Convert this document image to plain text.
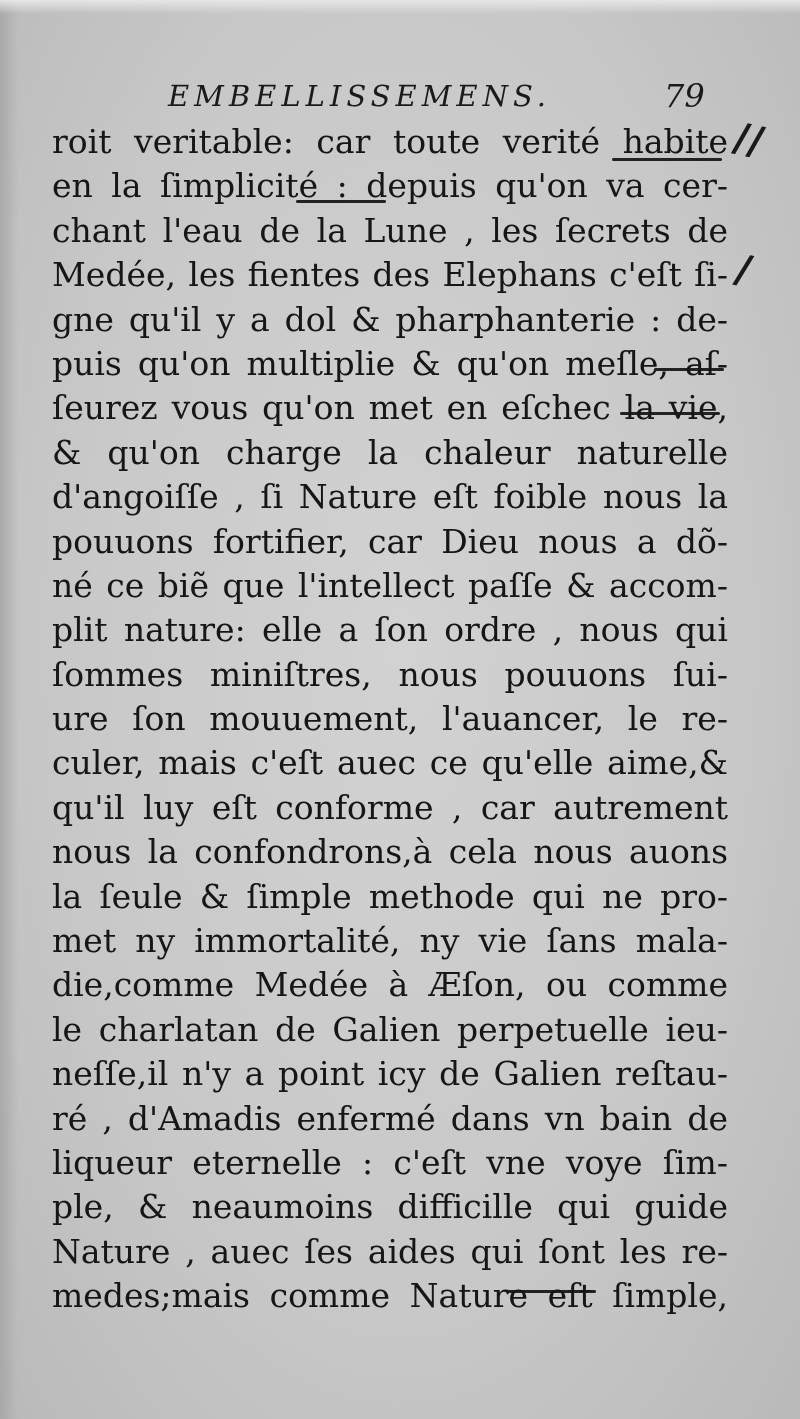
EMBELLISSEMENS.	79
//
/
roit veritable: car toute verité habite
en la ſimplicité : depuis qu'on va cer-
chant l'eau de la Lune , les ſecrets de
Medée, les fientes des Elephans c'eſt ſi-
gne qu'il y a dol & pharphanterie : de-
puis qu'on multiplie & qu'on meſle, aſ-
ſeurez vous qu'on met en eſchec la vie,
& qu'on charge la chaleur naturelle
d'angoiſſe , ſi Nature eſt foible nous la
pouuons fortifier, car Dieu nous a dõ-
né ce biẽ que l'intellect paſſe & accom-
plit nature: elle a ſon ordre , nous qui
ſommes miniſtres, nous pouuons ſui-
ure ſon mouuement, l'auancer, le re-
culer, mais c'eſt auec ce qu'elle aime,&
qu'il luy eſt conforme , car autrement
nous la confondrons,à cela nous auons
la ſeule & ſimple methode qui ne pro-
met ny immortalité, ny vie ſans mala-
die,comme Medée à Æſon, ou comme
le charlatan de Galien perpetuelle ieu-
neſſe,il n'y a point icy de Galien reſtau-
ré , d'Amadis enfermé dans vn bain de
liqueur eternelle : c'eſt vne voye ſim-
ple, & neaumoins difficille qui guide
Nature , auec ſes aides qui ſont les re-
medes;mais comme Nature eſt ſimple,
